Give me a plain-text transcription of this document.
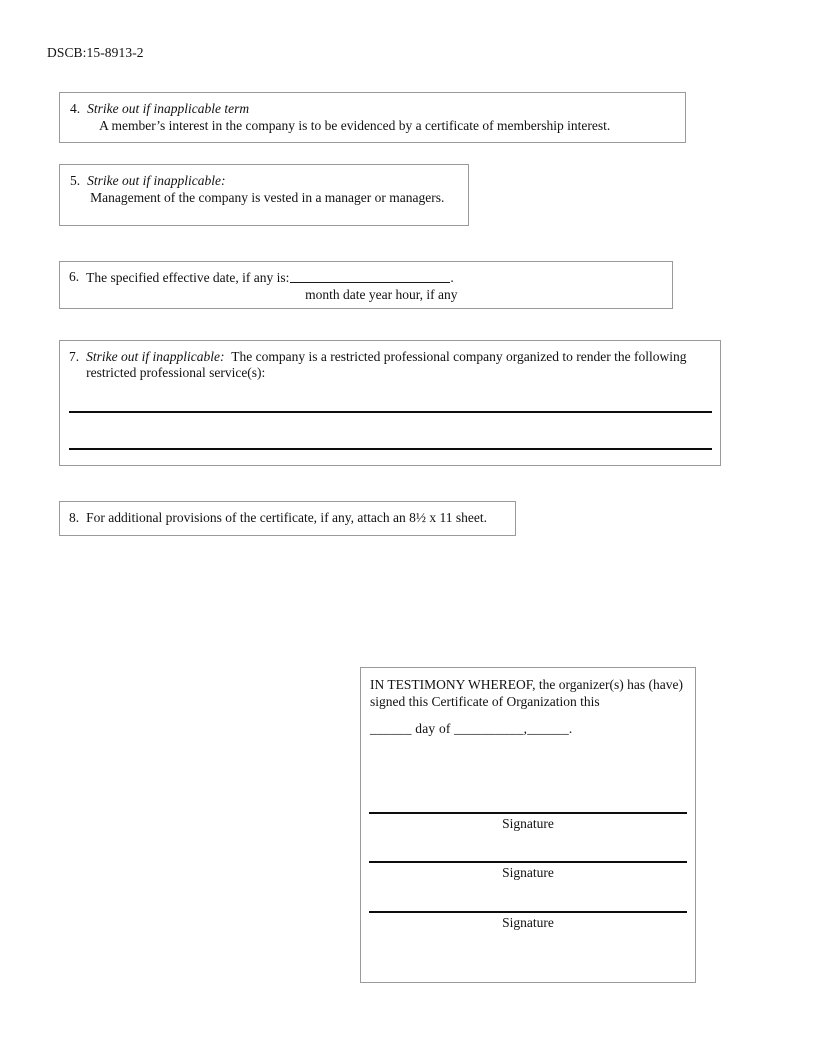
DSCB:15-8913-2
4. Strike out if inapplicable term
A member’s interest in the company is to be evidenced by a certificate of membership interest.
5. Strike out if inapplicable:
Management of the company is vested in a manager or managers.
6. The specified effective date, if any is:	.
month date year hour, if any
7. Strike out if inapplicable: The company is a restricted professional company organized to render the following restricted professional service(s):
8. For additional provisions of the certificate, if any, attach an 8½ x 11 sheet.
IN TESTIMONY WHEREOF, the organizer(s) has (have) signed this Certificate of Organization this
______ day of __________,______.
Signature
Signature
Signature
